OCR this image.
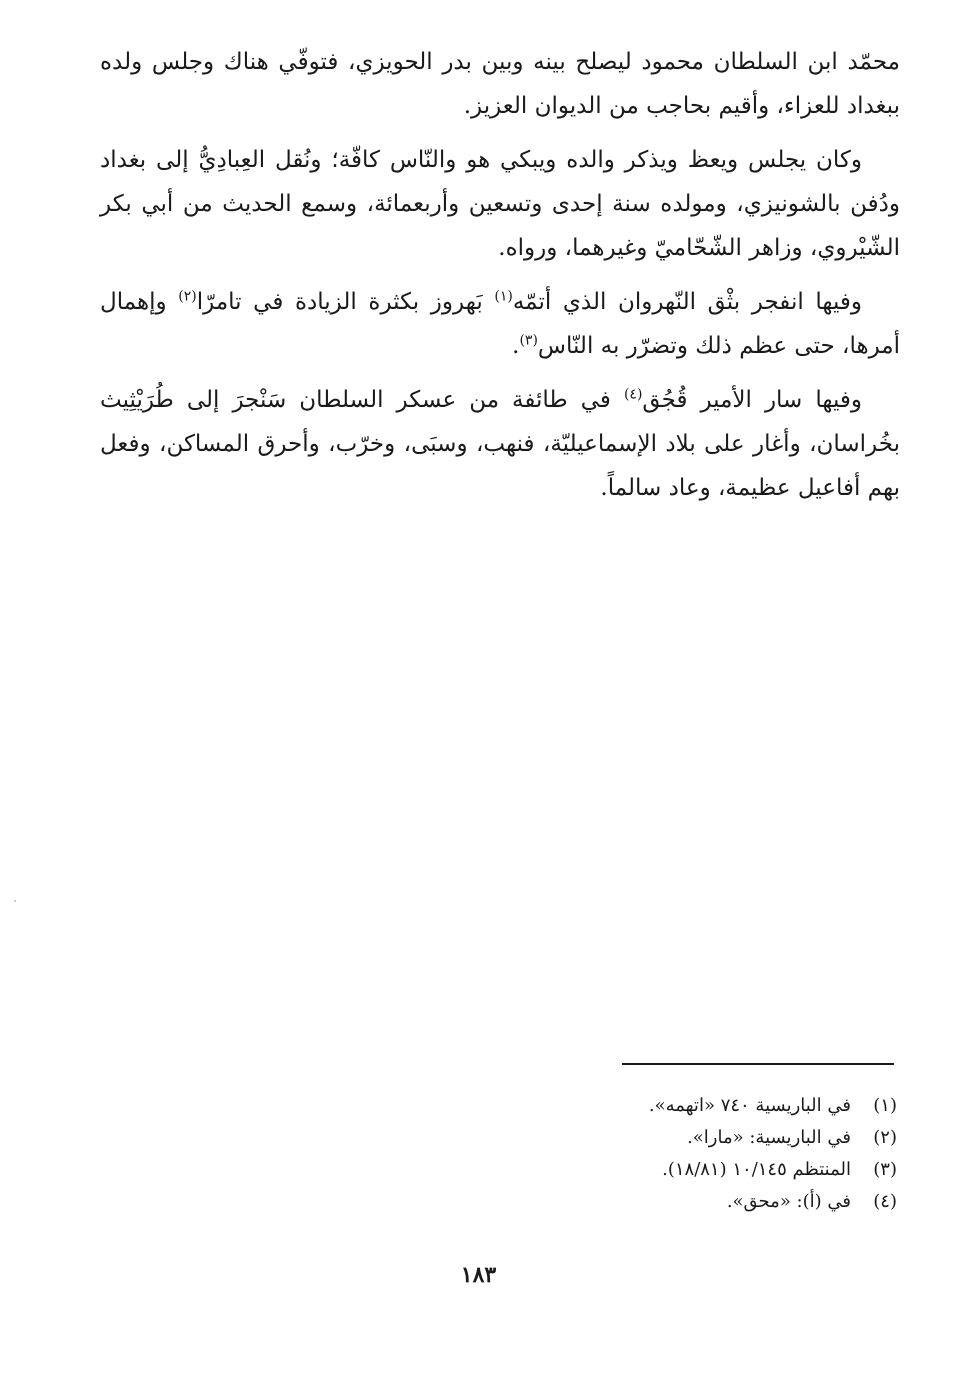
محمّد ابن السلطان محمود ليصلح بينه وبين بدر الحويزي، فتوفّي هناك وجلس ولده ببغداد للعزاء، وأقيم بحاجب من الديوان العزيز.

وكان يجلس ويعظ ويذكر والده ويبكي هو والنّاس كافّة؛ ونُقل العِبادِيُّ إلى بغداد ودُفن بالشونيزي، ومولده سنة إحدى وتسعين وأربعمائة، وسمع الحديث من أبي بكر الشّيْروي، وزاهر الشّحّاميّ وغيرهما، ورواه.

وفيها انفجر بثْق النّهروان الذي أتمّه$^{(١)}$ بَهروز بكثرة الزيادة في تامرّا$^{(٢)}$ وإهمال أمرها، حتى عظم ذلك وتضرّر به النّاس$^{(٣)}$.

وفيها سار الأمير قُجُق$^{(٤)}$ في طائفة من عسكر السلطان سَنْجرَ إلى طُرَيْثِيث بخُراسان، وأغار على بلاد الإسماعيليّة، فنهب، وسبَى، وخرّب، وأحرق المساكن، وفعل بهم أفاعيل عظيمة، وعاد سالماً.

(١)
في الباريسية ٧٤٠ «اتهمه».
(٢)
في الباريسية: «مارا».
(٣)
المنتظم ١٠/١٤٥ (١٨/٨١).
(٤)
في (أ): «محق».
١٨٣
